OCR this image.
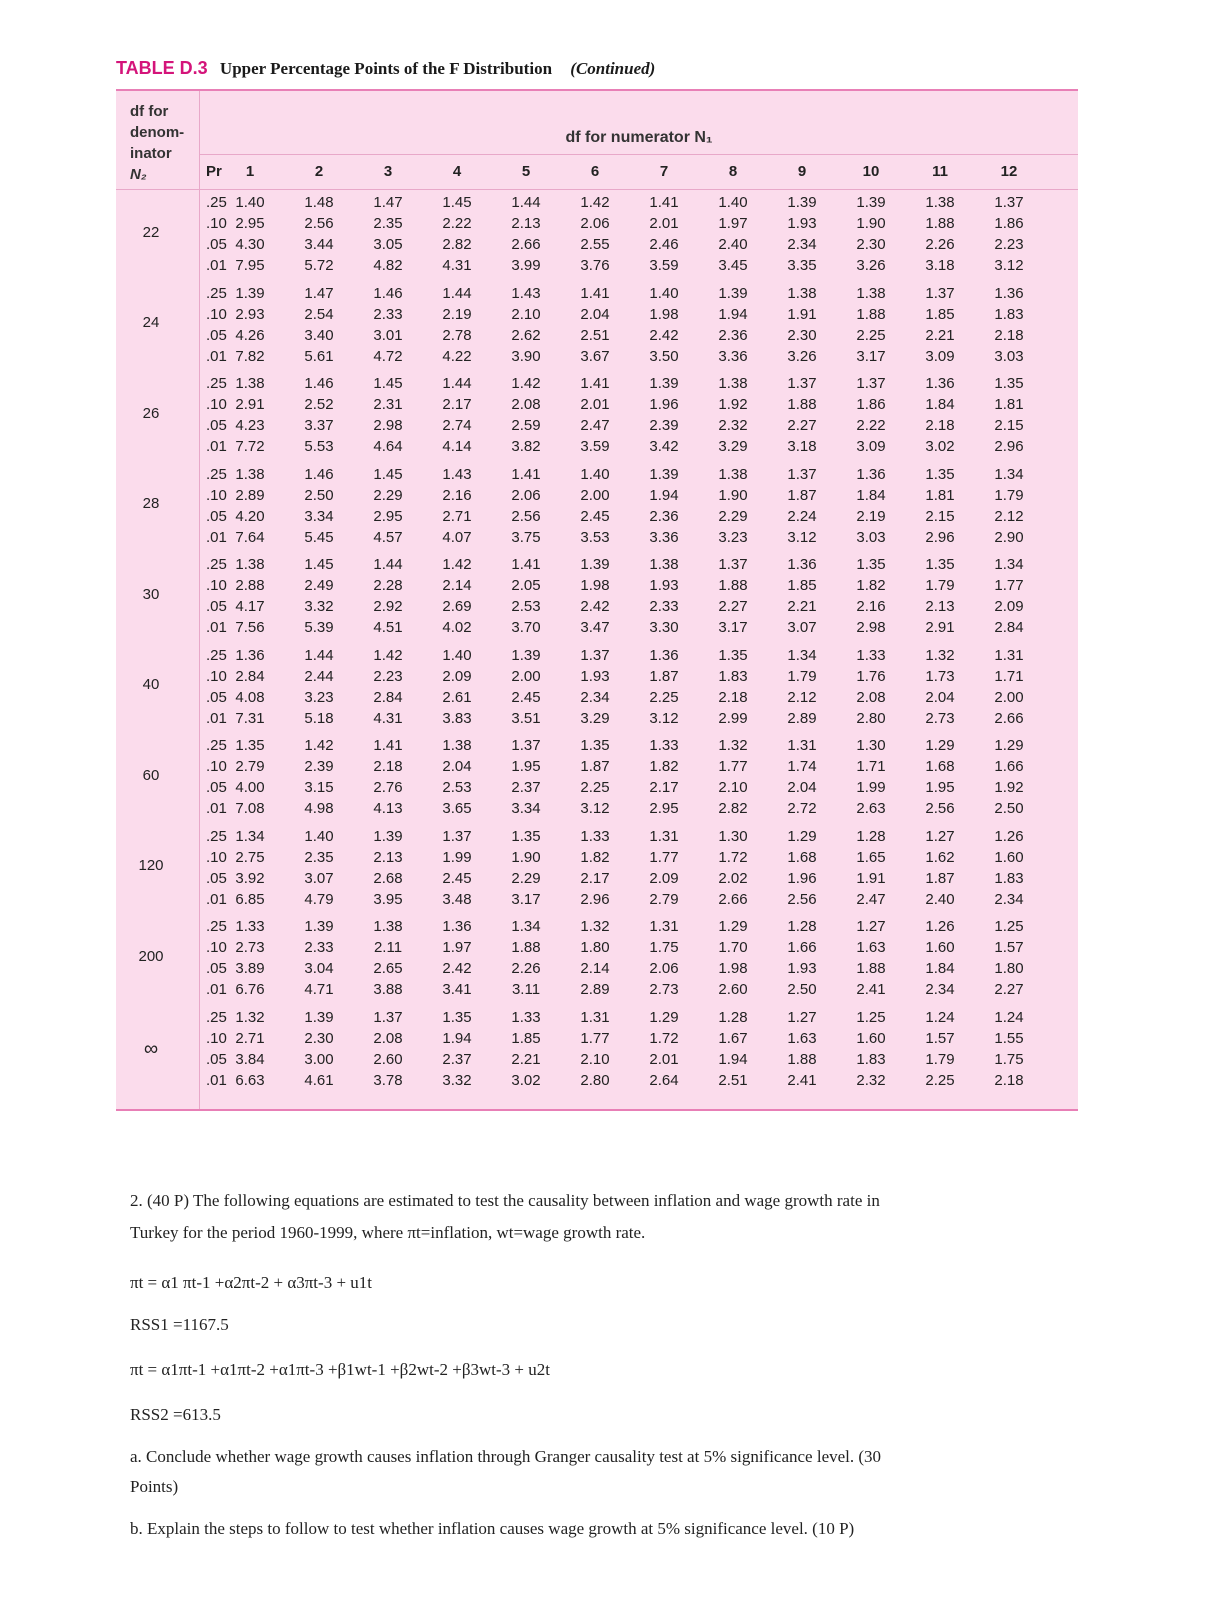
TABLE D.3 Upper Percentage Points of the F Distribution (Continued)
df for
denom-
inator
N₂
df for numerator N₁
Pr	1	2	3	4	5	6	7	8	9	10	11	12
22
.25 1.40	1.48	1.47	1.45	1.44	1.42	1.41	1.40	1.39	1.39	1.38	1.37
.10 2.95	2.56	2.35	2.22	2.13	2.06	2.01	1.97	1.93	1.90	1.88	1.86
.05 4.30	3.44	3.05	2.82	2.66	2.55	2.46	2.40	2.34	2.30	2.26	2.23
.01 7.95	5.72	4.82	4.31	3.99	3.76	3.59	3.45	3.35	3.26	3.18	3.12
24
.25 1.39	1.47	1.46	1.44	1.43	1.41	1.40	1.39	1.38	1.38	1.37	1.36
.10 2.93	2.54	2.33	2.19	2.10	2.04	1.98	1.94	1.91	1.88	1.85	1.83
.05 4.26	3.40	3.01	2.78	2.62	2.51	2.42	2.36	2.30	2.25	2.21	2.18
.01 7.82	5.61	4.72	4.22	3.90	3.67	3.50	3.36	3.26	3.17	3.09	3.03
26
.25 1.38	1.46	1.45	1.44	1.42	1.41	1.39	1.38	1.37	1.37	1.36	1.35
.10 2.91	2.52	2.31	2.17	2.08	2.01	1.96	1.92	1.88	1.86	1.84	1.81
.05 4.23	3.37	2.98	2.74	2.59	2.47	2.39	2.32	2.27	2.22	2.18	2.15
.01 7.72	5.53	4.64	4.14	3.82	3.59	3.42	3.29	3.18	3.09	3.02	2.96
28
.25 1.38	1.46	1.45	1.43	1.41	1.40	1.39	1.38	1.37	1.36	1.35	1.34
.10 2.89	2.50	2.29	2.16	2.06	2.00	1.94	1.90	1.87	1.84	1.81	1.79
.05 4.20	3.34	2.95	2.71	2.56	2.45	2.36	2.29	2.24	2.19	2.15	2.12
.01 7.64	5.45	4.57	4.07	3.75	3.53	3.36	3.23	3.12	3.03	2.96	2.90
30
.25 1.38	1.45	1.44	1.42	1.41	1.39	1.38	1.37	1.36	1.35	1.35	1.34
.10 2.88	2.49	2.28	2.14	2.05	1.98	1.93	1.88	1.85	1.82	1.79	1.77
.05 4.17	3.32	2.92	2.69	2.53	2.42	2.33	2.27	2.21	2.16	2.13	2.09
.01 7.56	5.39	4.51	4.02	3.70	3.47	3.30	3.17	3.07	2.98	2.91	2.84
40
.25 1.36	1.44	1.42	1.40	1.39	1.37	1.36	1.35	1.34	1.33	1.32	1.31
.10 2.84	2.44	2.23	2.09	2.00	1.93	1.87	1.83	1.79	1.76	1.73	1.71
.05 4.08	3.23	2.84	2.61	2.45	2.34	2.25	2.18	2.12	2.08	2.04	2.00
.01 7.31	5.18	4.31	3.83	3.51	3.29	3.12	2.99	2.89	2.80	2.73	2.66
60
.25 1.35	1.42	1.41	1.38	1.37	1.35	1.33	1.32	1.31	1.30	1.29	1.29
.10 2.79	2.39	2.18	2.04	1.95	1.87	1.82	1.77	1.74	1.71	1.68	1.66
.05 4.00	3.15	2.76	2.53	2.37	2.25	2.17	2.10	2.04	1.99	1.95	1.92
.01 7.08	4.98	4.13	3.65	3.34	3.12	2.95	2.82	2.72	2.63	2.56	2.50
120
.25 1.34	1.40	1.39	1.37	1.35	1.33	1.31	1.30	1.29	1.28	1.27	1.26
.10 2.75	2.35	2.13	1.99	1.90	1.82	1.77	1.72	1.68	1.65	1.62	1.60
.05 3.92	3.07	2.68	2.45	2.29	2.17	2.09	2.02	1.96	1.91	1.87	1.83
.01 6.85	4.79	3.95	3.48	3.17	2.96	2.79	2.66	2.56	2.47	2.40	2.34
200
.25 1.33	1.39	1.38	1.36	1.34	1.32	1.31	1.29	1.28	1.27	1.26	1.25
.10 2.73	2.33	2.11	1.97	1.88	1.80	1.75	1.70	1.66	1.63	1.60	1.57
.05 3.89	3.04	2.65	2.42	2.26	2.14	2.06	1.98	1.93	1.88	1.84	1.80
.01 6.76	4.71	3.88	3.41	3.11	2.89	2.73	2.60	2.50	2.41	2.34	2.27
∞
.25 1.32	1.39	1.37	1.35	1.33	1.31	1.29	1.28	1.27	1.25	1.24	1.24
.10 2.71	2.30	2.08	1.94	1.85	1.77	1.72	1.67	1.63	1.60	1.57	1.55
.05 3.84	3.00	2.60	2.37	2.21	2.10	2.01	1.94	1.88	1.83	1.79	1.75
.01 6.63	4.61	3.78	3.32	3.02	2.80	2.64	2.51	2.41	2.32	2.25	2.18
2. (40 P) The following equations are estimated to test the causality between inflation and wage growth rate in
Turkey for the period 1960-1999, where πt=inflation, wt=wage growth rate.
πt = α1 πt-1 +α2πt-2 + α3πt-3 + u1t
RSS1 =1167.5
πt = α1πt-1 +α1πt-2 +α1πt-3 +β1wt-1 +β2wt-2 +β3wt-3 + u2t
RSS2 =613.5
a. Conclude whether wage growth causes inflation through Granger causality test at 5% significance level. (30
Points)
b. Explain the steps to follow to test whether inflation causes wage growth at 5% significance level. (10 P)
